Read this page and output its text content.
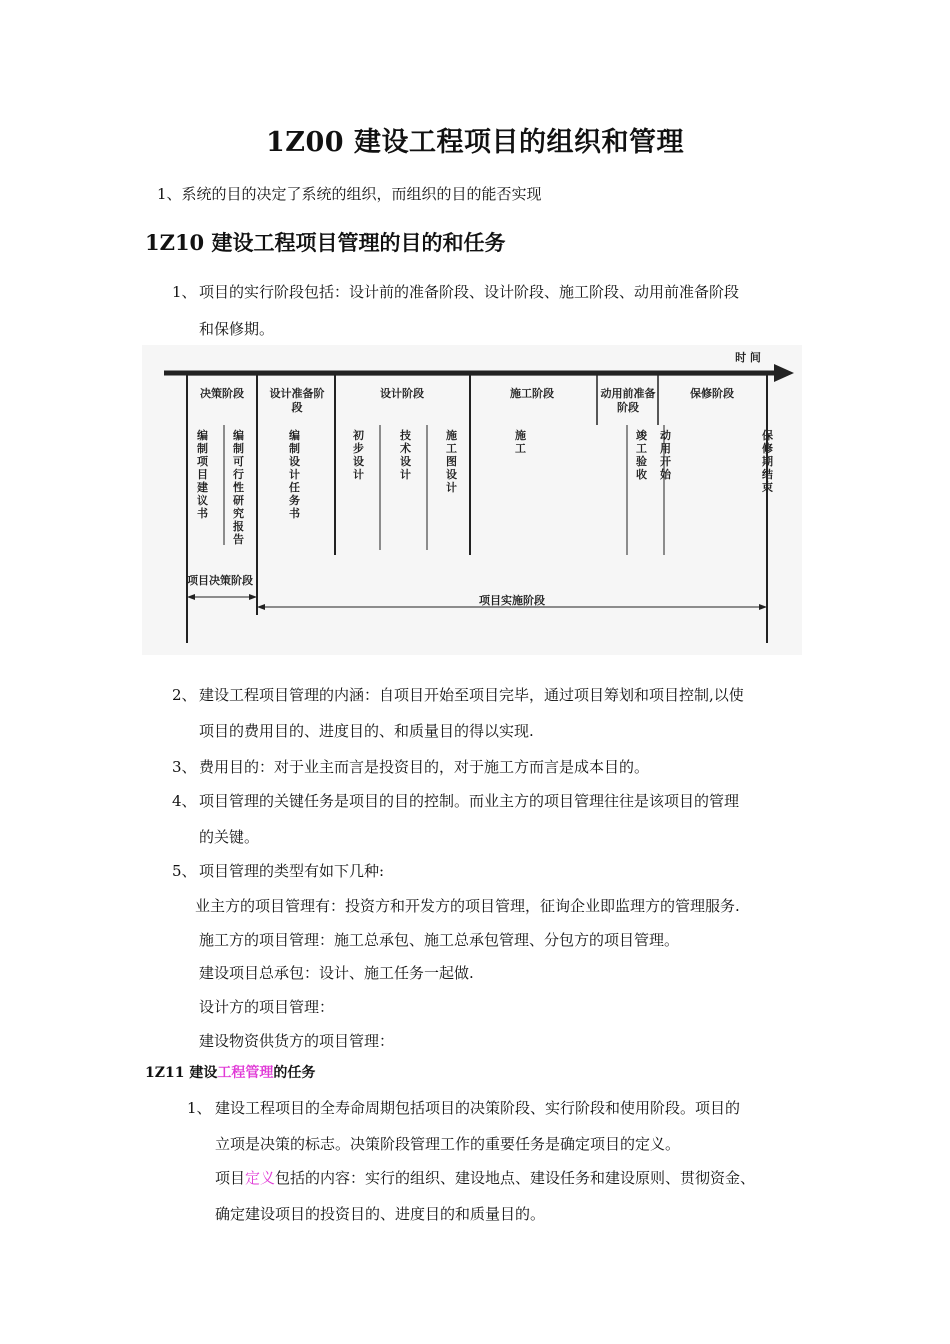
1Z00 建设工程项目的组织和管理
1、系统的目的决定了系统的组织，而组织的目的能否实现
1Z10 建设工程项目管理的目的和任务
1、 项目的实行阶段包括：设计前的准备阶段、设计阶段、施工阶段、动用前准备阶段
和保修期。
时 间
决策阶段	设计准备阶段
设计阶段	施工阶段	动用前准备阶段
保修阶段
编制项目建议书
编制可行性研究报告
编制设计任务书
初步设计
技术设计
施工图设计
施工
竣工验收
动用开始
保修期结束
项目决策阶段
项目实施阶段
2、 建设工程项目管理的内涵：自项目开始至项目完毕，通过项目筹划和项目控制,以使
项目的费用目的、进度目的、和质量目的得以实现.
3、 费用目的：对于业主而言是投资目的，对于施工方而言是成本目的。
4、 项目管理的关键任务是项目的目的控制。而业主方的项目管理往往是该项目的管理
的关键。
5、 项目管理的类型有如下几种:
业主方的项目管理有：投资方和开发方的项目管理，征询企业即监理方的管理服务.
施工方的项目管理：施工总承包、施工总承包管理、分包方的项目管理。
建设项目总承包：设计、施工任务一起做.
设计方的项目管理：
建设物资供货方的项目管理：
1Z11 建设工程管理的任务
1、 建设工程项目的全寿命周期包括项目的决策阶段、实行阶段和使用阶段。项目的
立项是决策的标志。决策阶段管理工作的重要任务是确定项目的定义。
项目定义包括的内容：实行的组织、建设地点、建设任务和建设原则、贯彻资金、
确定建设项目的投资目的、进度目的和质量目的。
